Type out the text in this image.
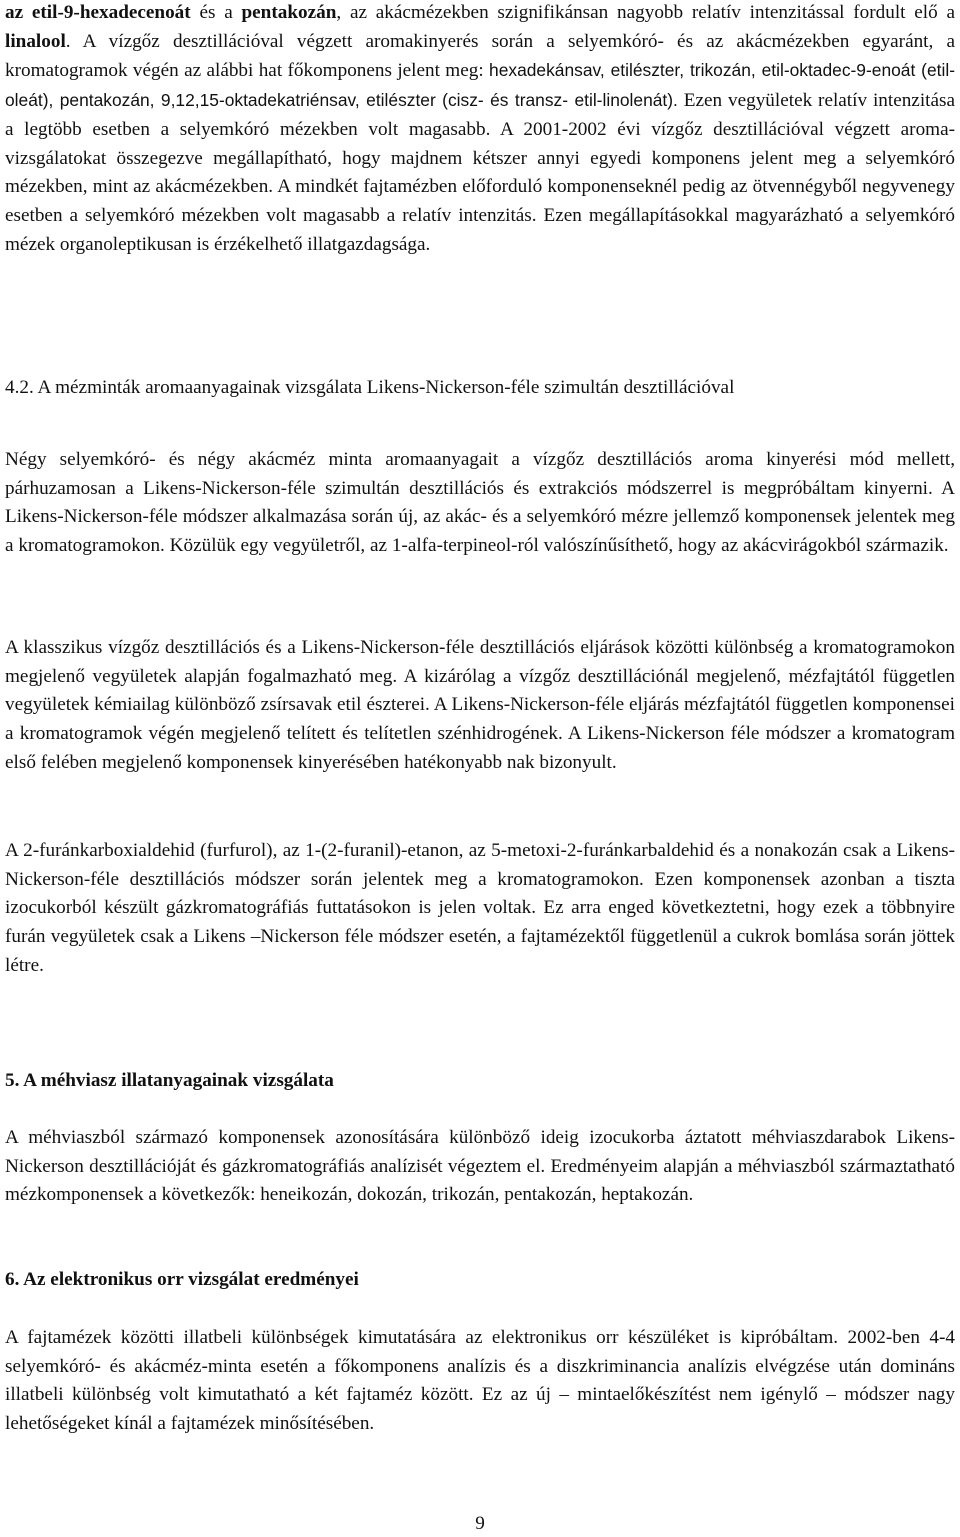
az etil-9-hexadecenoát és a pentakozán, az akácmézekben szignifikánsan nagyobb relatív intenzitással fordult elő a linalool. A vízgőz desztillációval végzett aromakinyerés során a selyemkóró- és az akácmézekben egyaránt, a kromatogramok végén az alábbi hat főkomponens jelent meg: hexadekánsav, etilészter, trikozán, etil-oktadec-9-enoát (etil-oleát), pentakozán, 9,12,15-oktadekatriénsav, etilészter (cisz- és transz- etil-linolenát). Ezen vegyületek relatív intenzitása a legtöbb esetben a selyemkóró mézekben volt magasabb. A 2001-2002 évi vízgőz desztillációval végzett aroma-vizsgálatokat összegezve megállapítható, hogy majdnem kétszer annyi egyedi komponens jelent meg a selyemkóró mézekben, mint az akácmézekben. A mindkét fajtamézben előforduló komponenseknél pedig az ötvennégyből negyvenegy esetben a selyemkóró mézekben volt magasabb a relatív intenzitás. Ezen megállapításokkal magyarázható a selyemkóró mézek organoleptikusan is érzékelhető illatgazdagsága.

4.2. A mézminták aromaanyagainak vizsgálata Likens-Nickerson-féle szimultán desztillációval

Négy selyemkóró- és négy akácméz minta aromaanyagait a vízgőz desztillációs aroma kinyerési mód mellett, párhuzamosan a Likens-Nickerson-féle szimultán desztillációs és extrakciós módszerrel is megpróbáltam kinyerni. A Likens-Nickerson-féle módszer alkalmazása során új, az akác- és a selyemkóró mézre jellemző komponensek jelentek meg a kromatogramokon. Közülük egy vegyületről, az 1-alfa-terpineol-ról valószínűsíthető, hogy az akácvirágokból származik.

A klasszikus vízgőz desztillációs és a Likens-Nickerson-féle desztillációs eljárások közötti különbség a kromatogramokon megjelenő vegyületek alapján fogalmazható meg. A kizárólag a vízgőz desztillációnál megjelenő, mézfajtától független vegyületek kémiailag különböző zsírsavak etil észterei. A Likens-Nickerson-féle eljárás mézfajtától független komponensei a kromatogramok végén megjelenő telített és telítetlen szénhidrogének. A Likens-Nickerson féle módszer a kromatogram első felében megjelenő komponensek kinyerésében hatékonyabb nak bizonyult.

A 2-furánkarboxialdehid (furfurol), az 1-(2-furanil)-etanon, az 5-metoxi-2-furánkarbaldehid és a nonakozán csak a Likens-Nickerson-féle desztillációs módszer során jelentek meg a kromatogramokon. Ezen komponensek azonban a tiszta izocukorból készült gázkromatográfiás futtatásokon is jelen voltak. Ez arra enged következtetni, hogy ezek a többnyire furán vegyületek csak a Likens –Nickerson féle módszer esetén, a fajtamézektől függetlenül a cukrok bomlása során jöttek létre.

5. A méhviasz illatanyagainak vizsgálata

A méhviaszból származó komponensek azonosítására különböző ideig izocukorba áztatott méhviaszdarabok Likens-Nickerson desztillációját és gázkromatográfiás analízisét végeztem el. Eredményeim alapján a méhviaszból származtatható mézkomponensek a következők: heneikozán, dokozán, trikozán, pentakozán, heptakozán.

6. Az elektronikus orr vizsgálat eredményei

A fajtamézek közötti illatbeli különbségek kimutatására az elektronikus orr készüléket is kipróbáltam. 2002-ben 4-4 selyemkóró- és akácméz-minta esetén a főkomponens analízis és a diszkriminancia analízis elvégzése után domináns illatbeli különbség volt kimutatható a két fajtaméz között. Ez az új – mintaelőkészítést nem igénylő – módszer nagy lehetőségeket kínál a fajtamézek minősítésében.

9
